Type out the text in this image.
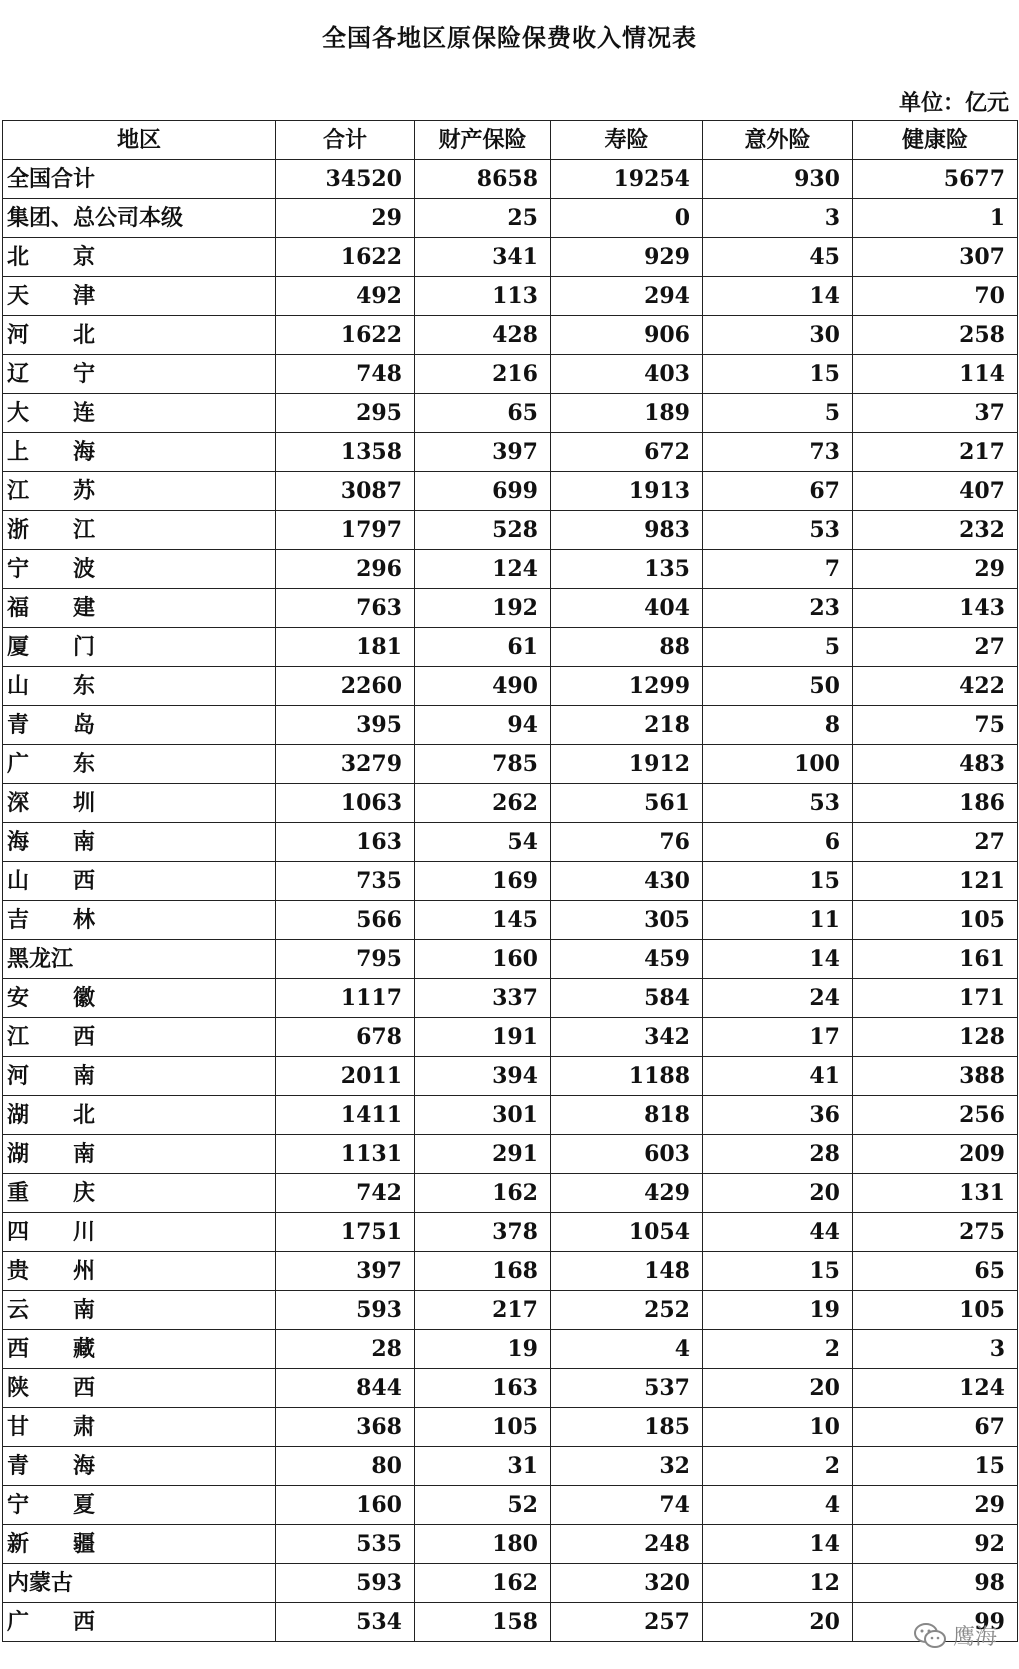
全国各地区原保险保费收入情况表
单位：亿元
地区	合计	财产保险	寿险	意外险	健康险
全国合计	34520	8658	19254	930	5677
集团、总公司本级	29	25	0	3	1
北　　京	1622	341	929	45	307
天　　津	492	113	294	14	70
河　　北	1622	428	906	30	258
辽　　宁	748	216	403	15	114
大　　连	295	65	189	5	37
上　　海	1358	397	672	73	217
江　　苏	3087	699	1913	67	407
浙　　江	1797	528	983	53	232
宁　　波	296	124	135	7	29
福　　建	763	192	404	23	143
厦　　门	181	61	88	5	27
山　　东	2260	490	1299	50	422
青　　岛	395	94	218	8	75
广　　东	3279	785	1912	100	483
深　　圳	1063	262	561	53	186
海　　南	163	54	76	6	27
山　　西	735	169	430	15	121
吉　　林	566	145	305	11	105
黑龙江	795	160	459	14	161
安　　徽	1117	337	584	24	171
江　　西	678	191	342	17	128
河　　南	2011	394	1188	41	388
湖　　北	1411	301	818	36	256
湖　　南	1131	291	603	28	209
重　　庆	742	162	429	20	131
四　　川	1751	378	1054	44	275
贵　　州	397	168	148	15	65
云　　南	593	217	252	19	105
西　　藏	28	19	4	2	3
陕　　西	844	163	537	20	124
甘　　肃	368	105	185	10	67
青　　海	80	31	32	2	15
宁　　夏	160	52	74	4	29
新　　疆	535	180	248	14	92
内蒙古	593	162	320	12	98
广　　西	534	158	257	20	99
鹰海
